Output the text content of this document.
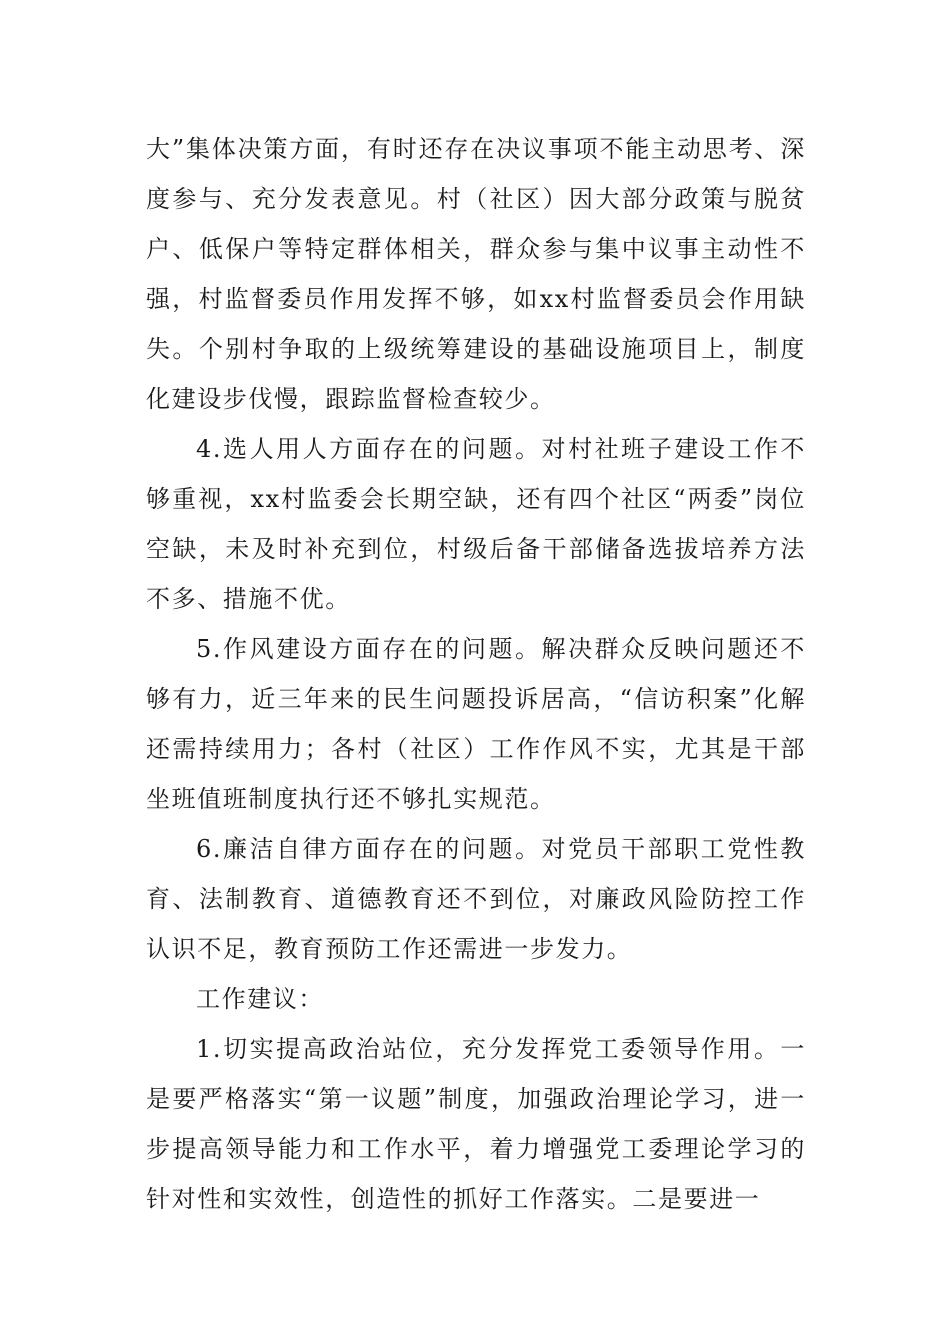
大”集体决策方面，有时还存在决议事项不能主动思考、深度参与、充分发表意见。村（社区）因大部分政策与脱贫户、低保户等特定群体相关，群众参与集中议事主动性不强，村监督委员作用发挥不够，如xx村监督委员会作用缺失。个别村争取的上级统筹建设的基础设施项目上，制度化建设步伐慢，跟踪监督检查较少。

4.选人用人方面存在的问题。对村社班子建设工作不够重视，xx村监委会长期空缺，还有四个社区“两委”岗位空缺，未及时补充到位，村级后备干部储备选拔培养方法不多、措施不优。

5.作风建设方面存在的问题。解决群众反映问题还不够有力，近三年来的民生问题投诉居高，“信访积案”化解还需持续用力；各村（社区）工作作风不实，尤其是干部坐班值班制度执行还不够扎实规范。

6.廉洁自律方面存在的问题。对党员干部职工党性教育、法制教育、道德教育还不到位，对廉政风险防控工作认识不足，教育预防工作还需进一步发力。

工作建议：

1.切实提高政治站位，充分发挥党工委领导作用。一是要严格落实“第一议题”制度，加强政治理论学习，进一步提高领导能力和工作水平，着力增强党工委理论学习的针对性和实效性，创造性的抓好工作落实。二是要进一
